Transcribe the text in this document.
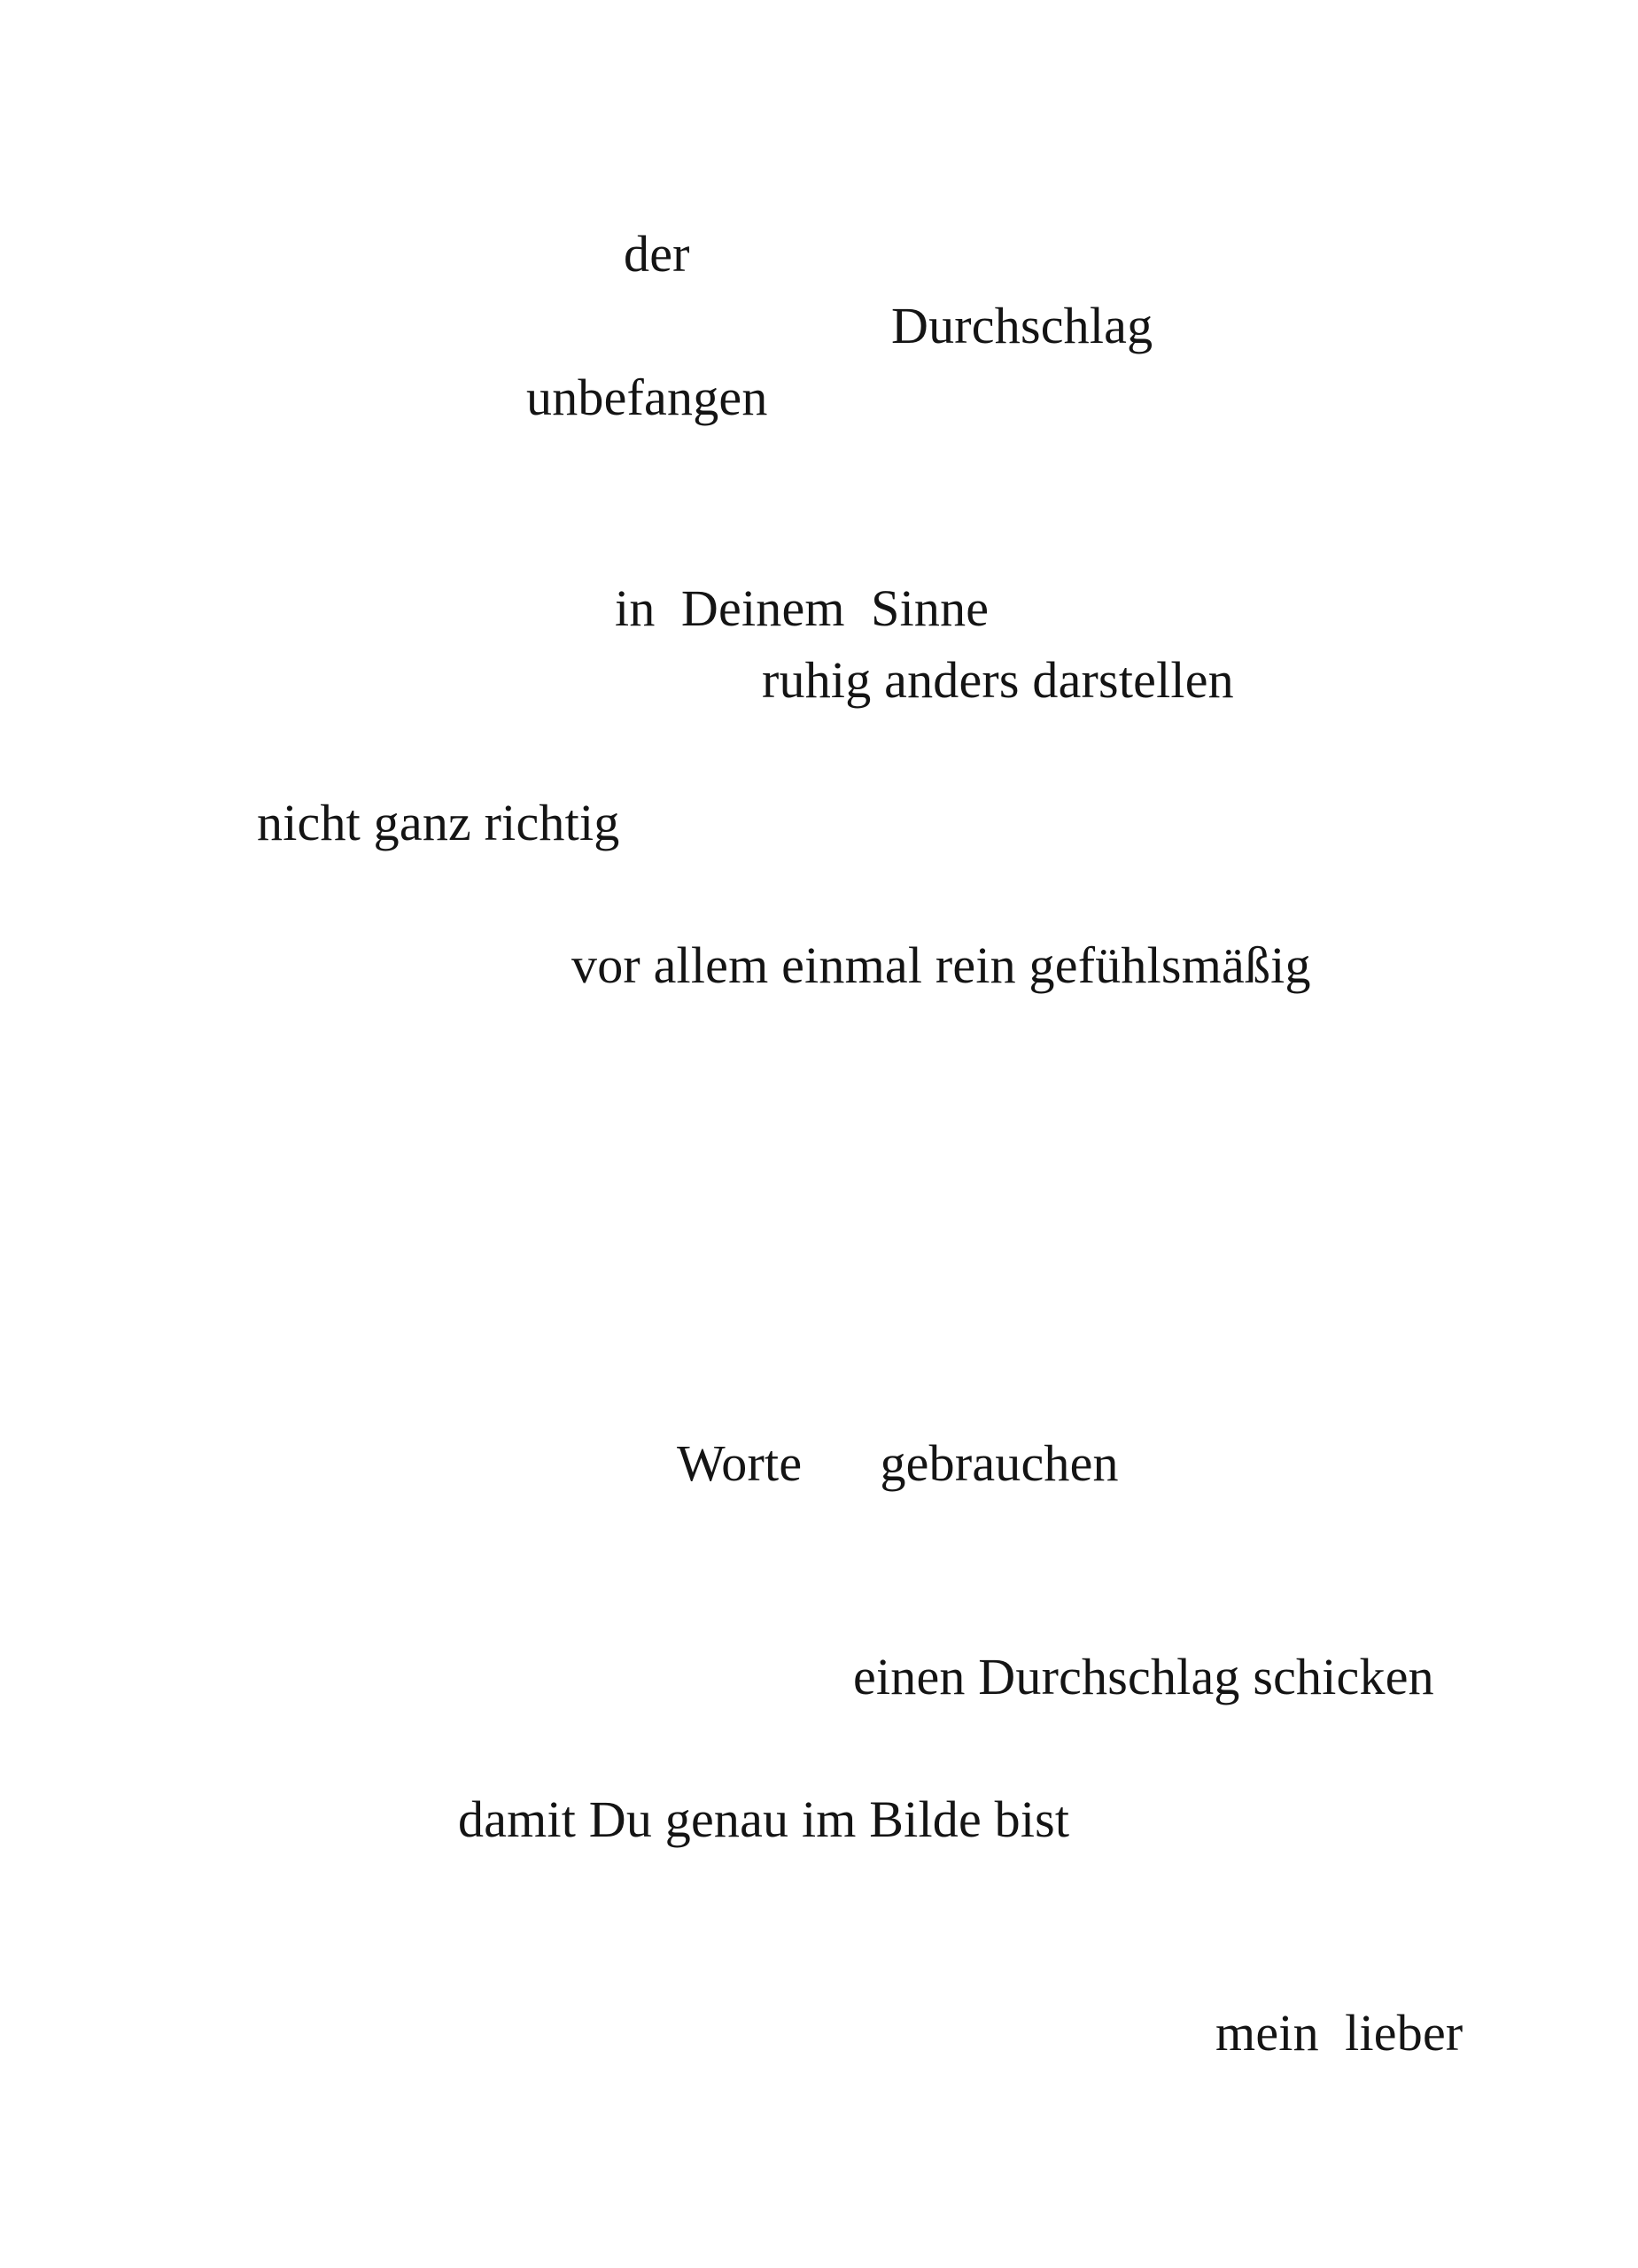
der
Durchschlag
unbefangen
in  Deinem  Sinne
ruhig anders darstellen
nicht ganz richtig
vor allem einmal rein gefühlsmäßig
Worte      gebrauchen
einen Durchschlag schicken
damit Du genau im Bilde bist
mein  lieber
